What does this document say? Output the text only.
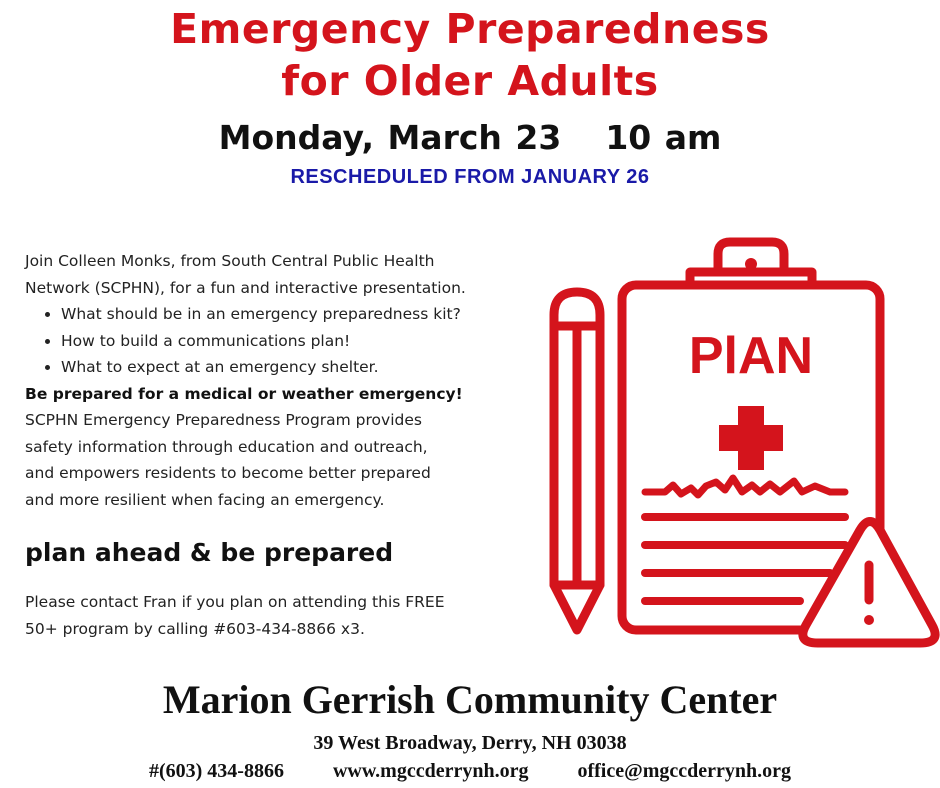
Emergency Preparedness
for Older Adults
Monday, March 23 10 am
RESCHEDULED FROM JANUARY 26

Join Colleen Monks, from South Central Public Health

Network (SCPHN), for a fun and interactive presentation.

• What should be in an emergency preparedness kit?
• How to build a communications plan!
• What to expect at an emergency shelter.

Be prepared for a medical or weather emergency!

SCPHN Emergency Preparedness Program provides

safety information through education and outreach,

and empowers residents to become better prepared

and more resilient when facing an emergency.

plan ahead & be prepared
Please contact Fran if you plan on attending this FREE
50+ program by calling #603-434-8866 x3.
PlAN
Marion Gerrish Community Center
39 West Broadway, Derry, NH 03038
#(603) 434-8866 www.mgccderrynh.org office@mgccderrynh.org
